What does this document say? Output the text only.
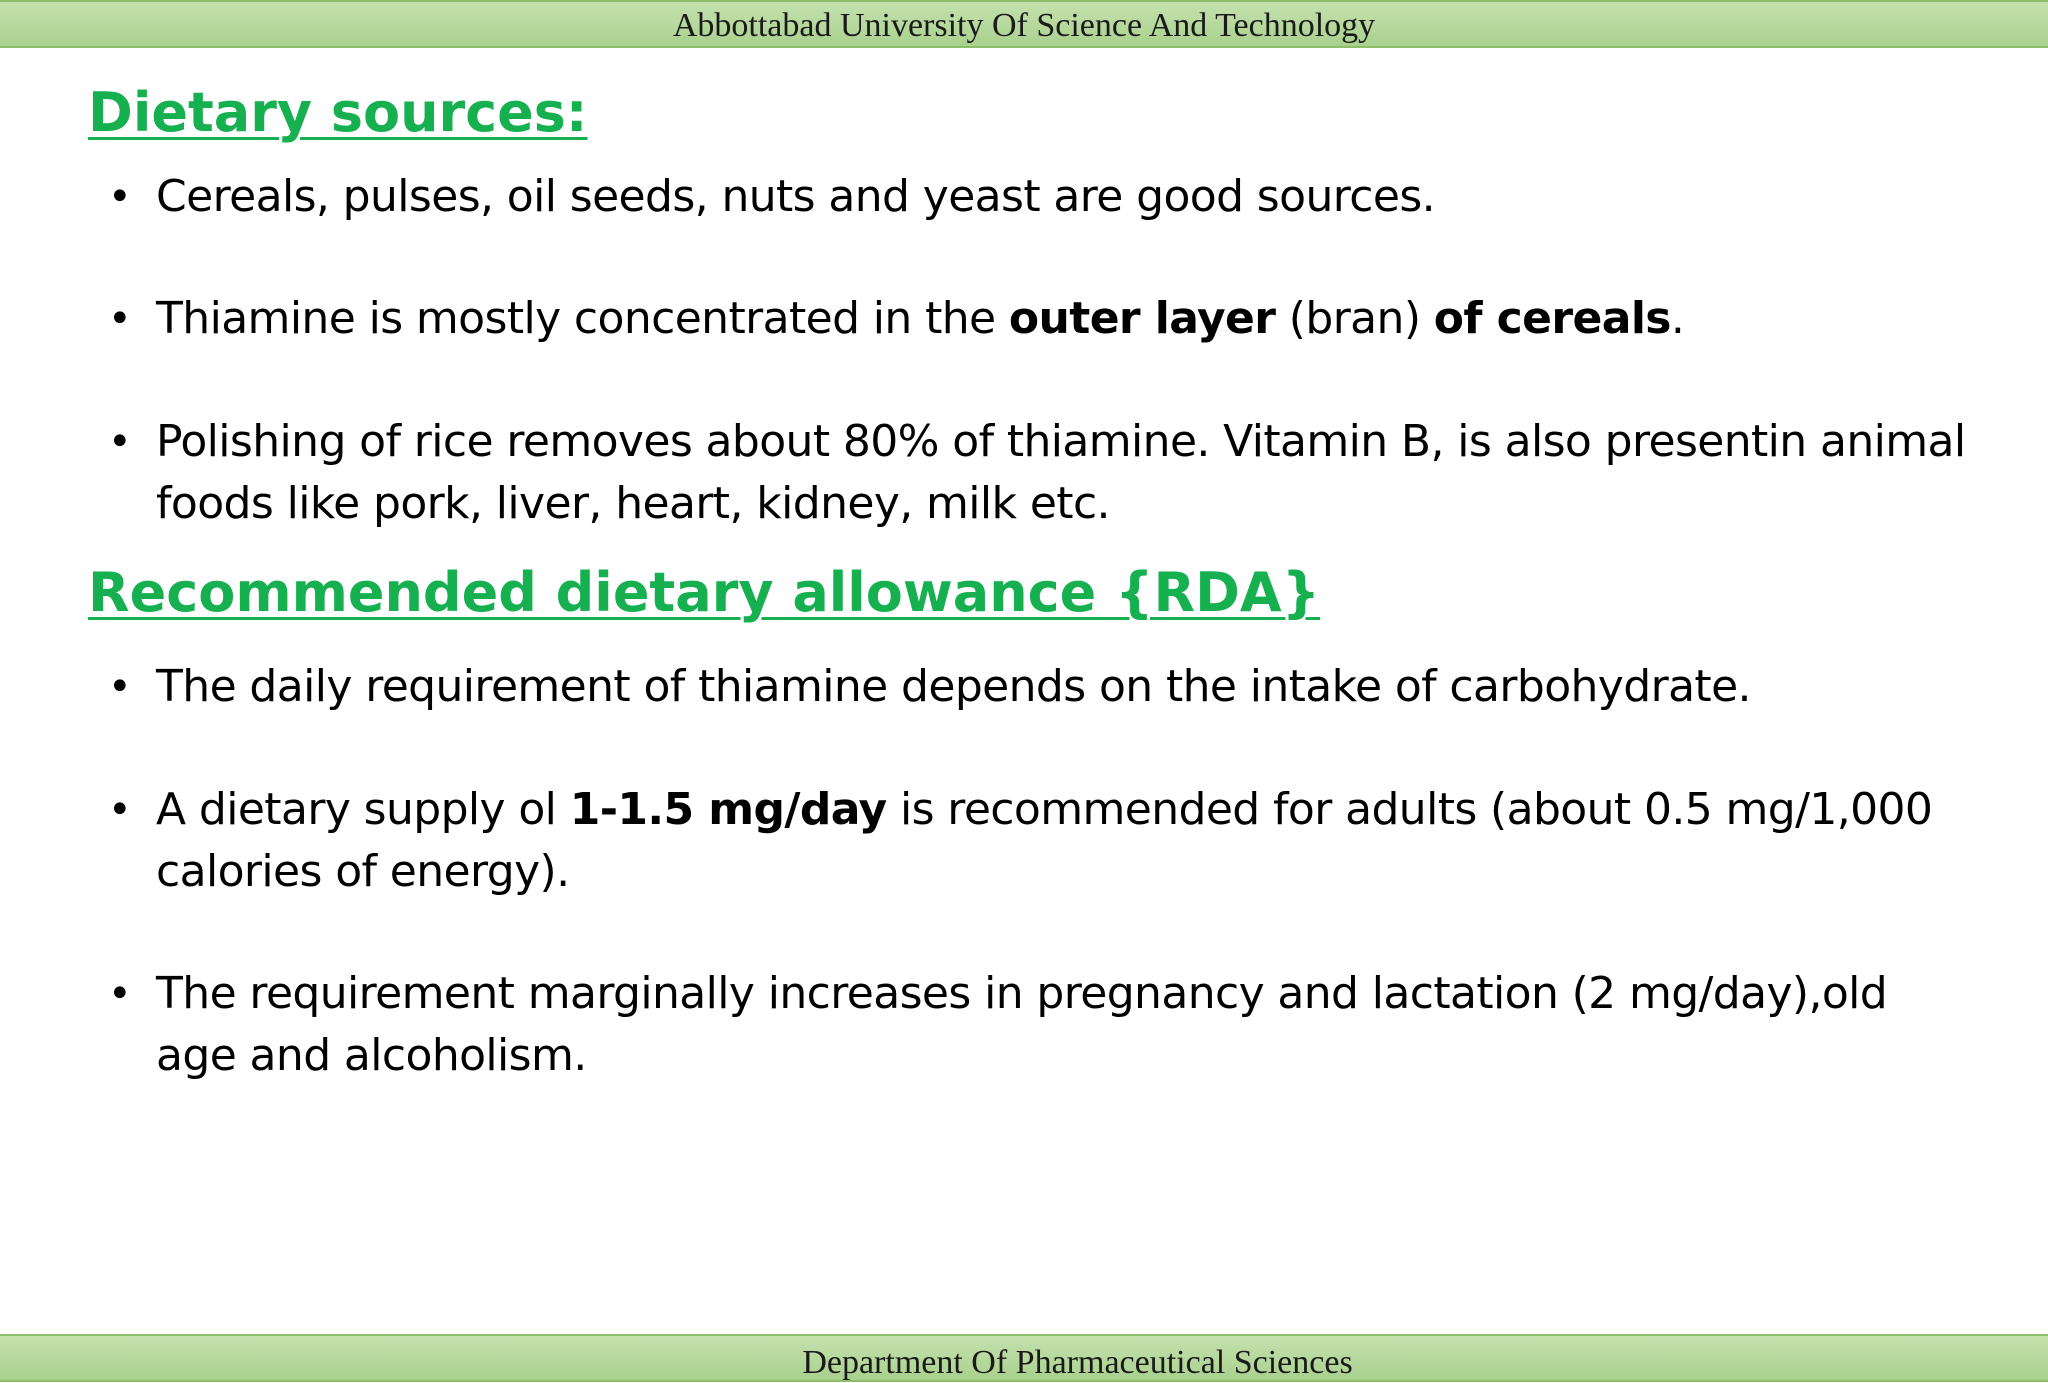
Abbottabad University Of Science And Technology
Dietary sources:
• Cereals, pulses, oil seeds, nuts and yeast are good sources.
• Thiamine is mostly concentrated in the outer layer (bran) of cereals.
• Polishing of rice removes about 80% of thiamine. Vitamin B, is also presentin animal foods like pork, liver, heart, kidney, milk etc.
Recommended dietary allowance {RDA}
• The daily requirement of thiamine depends on the intake of carbohydrate.
• A dietary supply ol 1-1.5 mg/day is recommended for adults (about 0.5 mg/1,000 calories of energy).
• The requirement marginally increases in pregnancy and lactation (2 mg/day),old age and alcoholism.
Department Of Pharmaceutical Sciences
